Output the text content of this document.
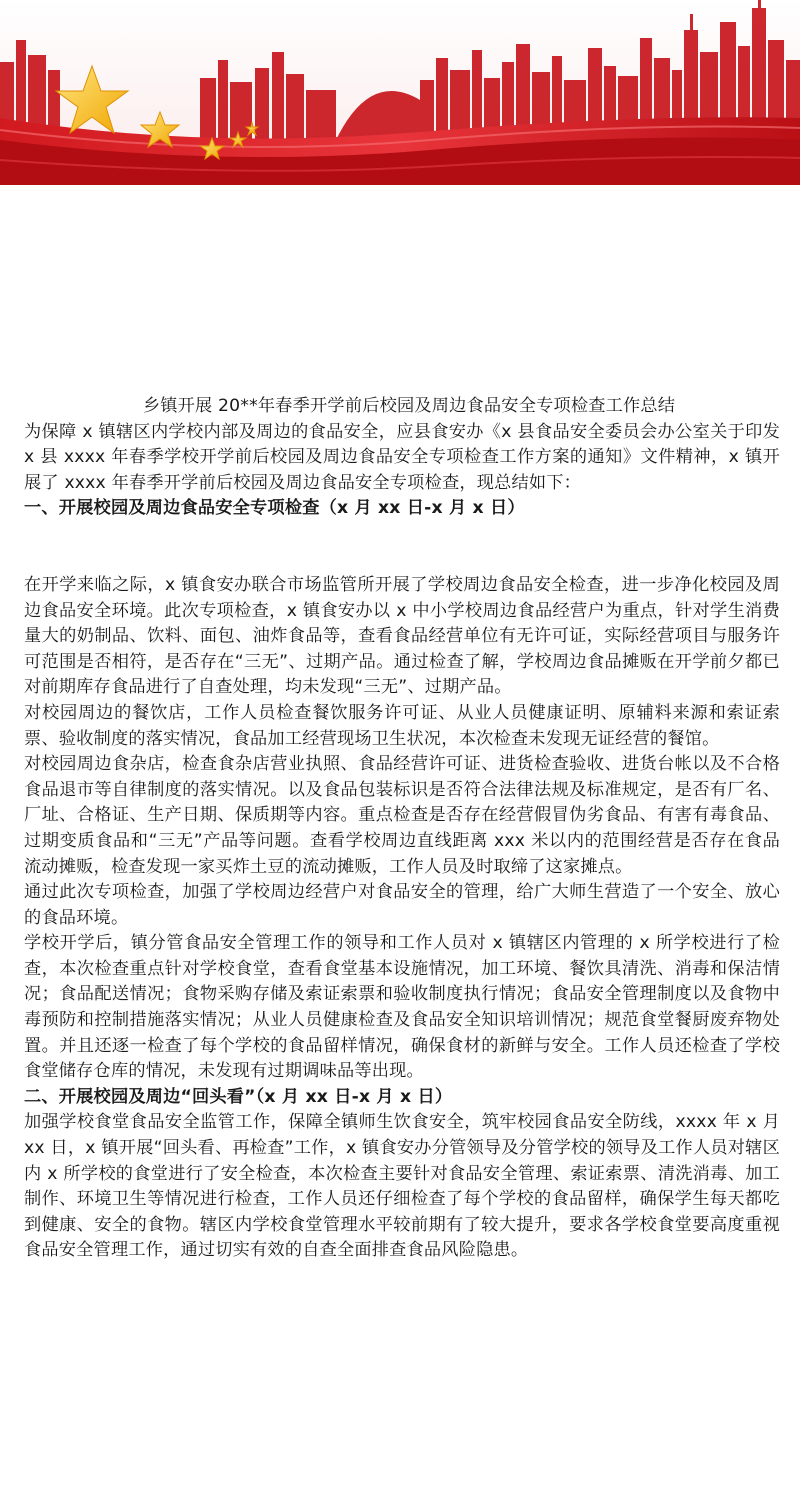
乡镇开展 20**年春季开学前后校园及周边食品安全专项检查工作总结

为保障 x 镇辖区内学校内部及周边的食品安全，应县食安办《x 县食品安全委员会办公室关于印发 x 县 xxxx 年春季学校开学前后校园及周边食品安全专项检查工作方案的通知》文件精神，x 镇开展了 xxxx 年春季开学前后校园及周边食品安全专项检查，现总结如下：

一、开展校园及周边食品安全专项检查（x 月 xx 日-x 月 x 日）

在开学来临之际，x 镇食安办联合市场监管所开展了学校周边食品安全检查，进一步净化校园及周边食品安全环境。此次专项检查，x 镇食安办以 x 中小学校周边食品经营户为重点，针对学生消费量大的奶制品、饮料、面包、油炸食品等，查看食品经营单位有无许可证，实际经营项目与服务许可范围是否相符，是否存在“三无”、过期产品。通过检查了解，学校周边食品摊贩在开学前夕都已对前期库存食品进行了自查处理，均未发现“三无”、过期产品。

对校园周边的餐饮店，工作人员检查餐饮服务许可证、从业人员健康证明、原辅料来源和索证索票、验收制度的落实情况，食品加工经营现场卫生状况，本次检查未发现无证经营的餐馆。

对校园周边食杂店，检查食杂店营业执照、食品经营许可证、进货检查验收、进货台帐以及不合格食品退市等自律制度的落实情况。以及食品包装标识是否符合法律法规及标准规定，是否有厂名、厂址、合格证、生产日期、保质期等内容。重点检查是否存在经营假冒伪劣食品、有害有毒食品、过期变质食品和“三无”产品等问题。查看学校周边直线距离 xxx 米以内的范围经营是否存在食品流动摊贩，检查发现一家买炸土豆的流动摊贩，工作人员及时取缔了这家摊点。

通过此次专项检查，加强了学校周边经营户对食品安全的管理，给广大师生营造了一个安全、放心的食品环境。

学校开学后，镇分管食品安全管理工作的领导和工作人员对 x 镇辖区内管理的 x 所学校进行了检查，本次检查重点针对学校食堂，查看食堂基本设施情况，加工环境、餐饮具清洗、消毒和保洁情况；食品配送情况；食物采购存储及索证索票和验收制度执行情况；食品安全管理制度以及食物中毒预防和控制措施落实情况；从业人员健康检查及食品安全知识培训情况；规范食堂餐厨废弃物处置。并且还逐一检查了每个学校的食品留样情况，确保食材的新鲜与安全。工作人员还检查了学校食堂储存仓库的情况，未发现有过期调味品等出现。

二、开展校园及周边“回头看”（x 月 xx 日-x 月 x 日）

加强学校食堂食品安全监管工作，保障全镇师生饮食安全，筑牢校园食品安全防线，xxxx 年 x 月 xx 日，x 镇开展“回头看、再检查”工作，x 镇食安办分管领导及分管学校的领导及工作人员对辖区内 x 所学校的食堂进行了安全检查，本次检查主要针对食品安全管理、索证索票、清洗消毒、加工制作、环境卫生等情况进行检查，工作人员还仔细检查了每个学校的食品留样，确保学生每天都吃到健康、安全的食物。辖区内学校食堂管理水平较前期有了较大提升，要求各学校食堂要高度重视食品安全管理工作，通过切实有效的自查全面排查食品风险隐患。
